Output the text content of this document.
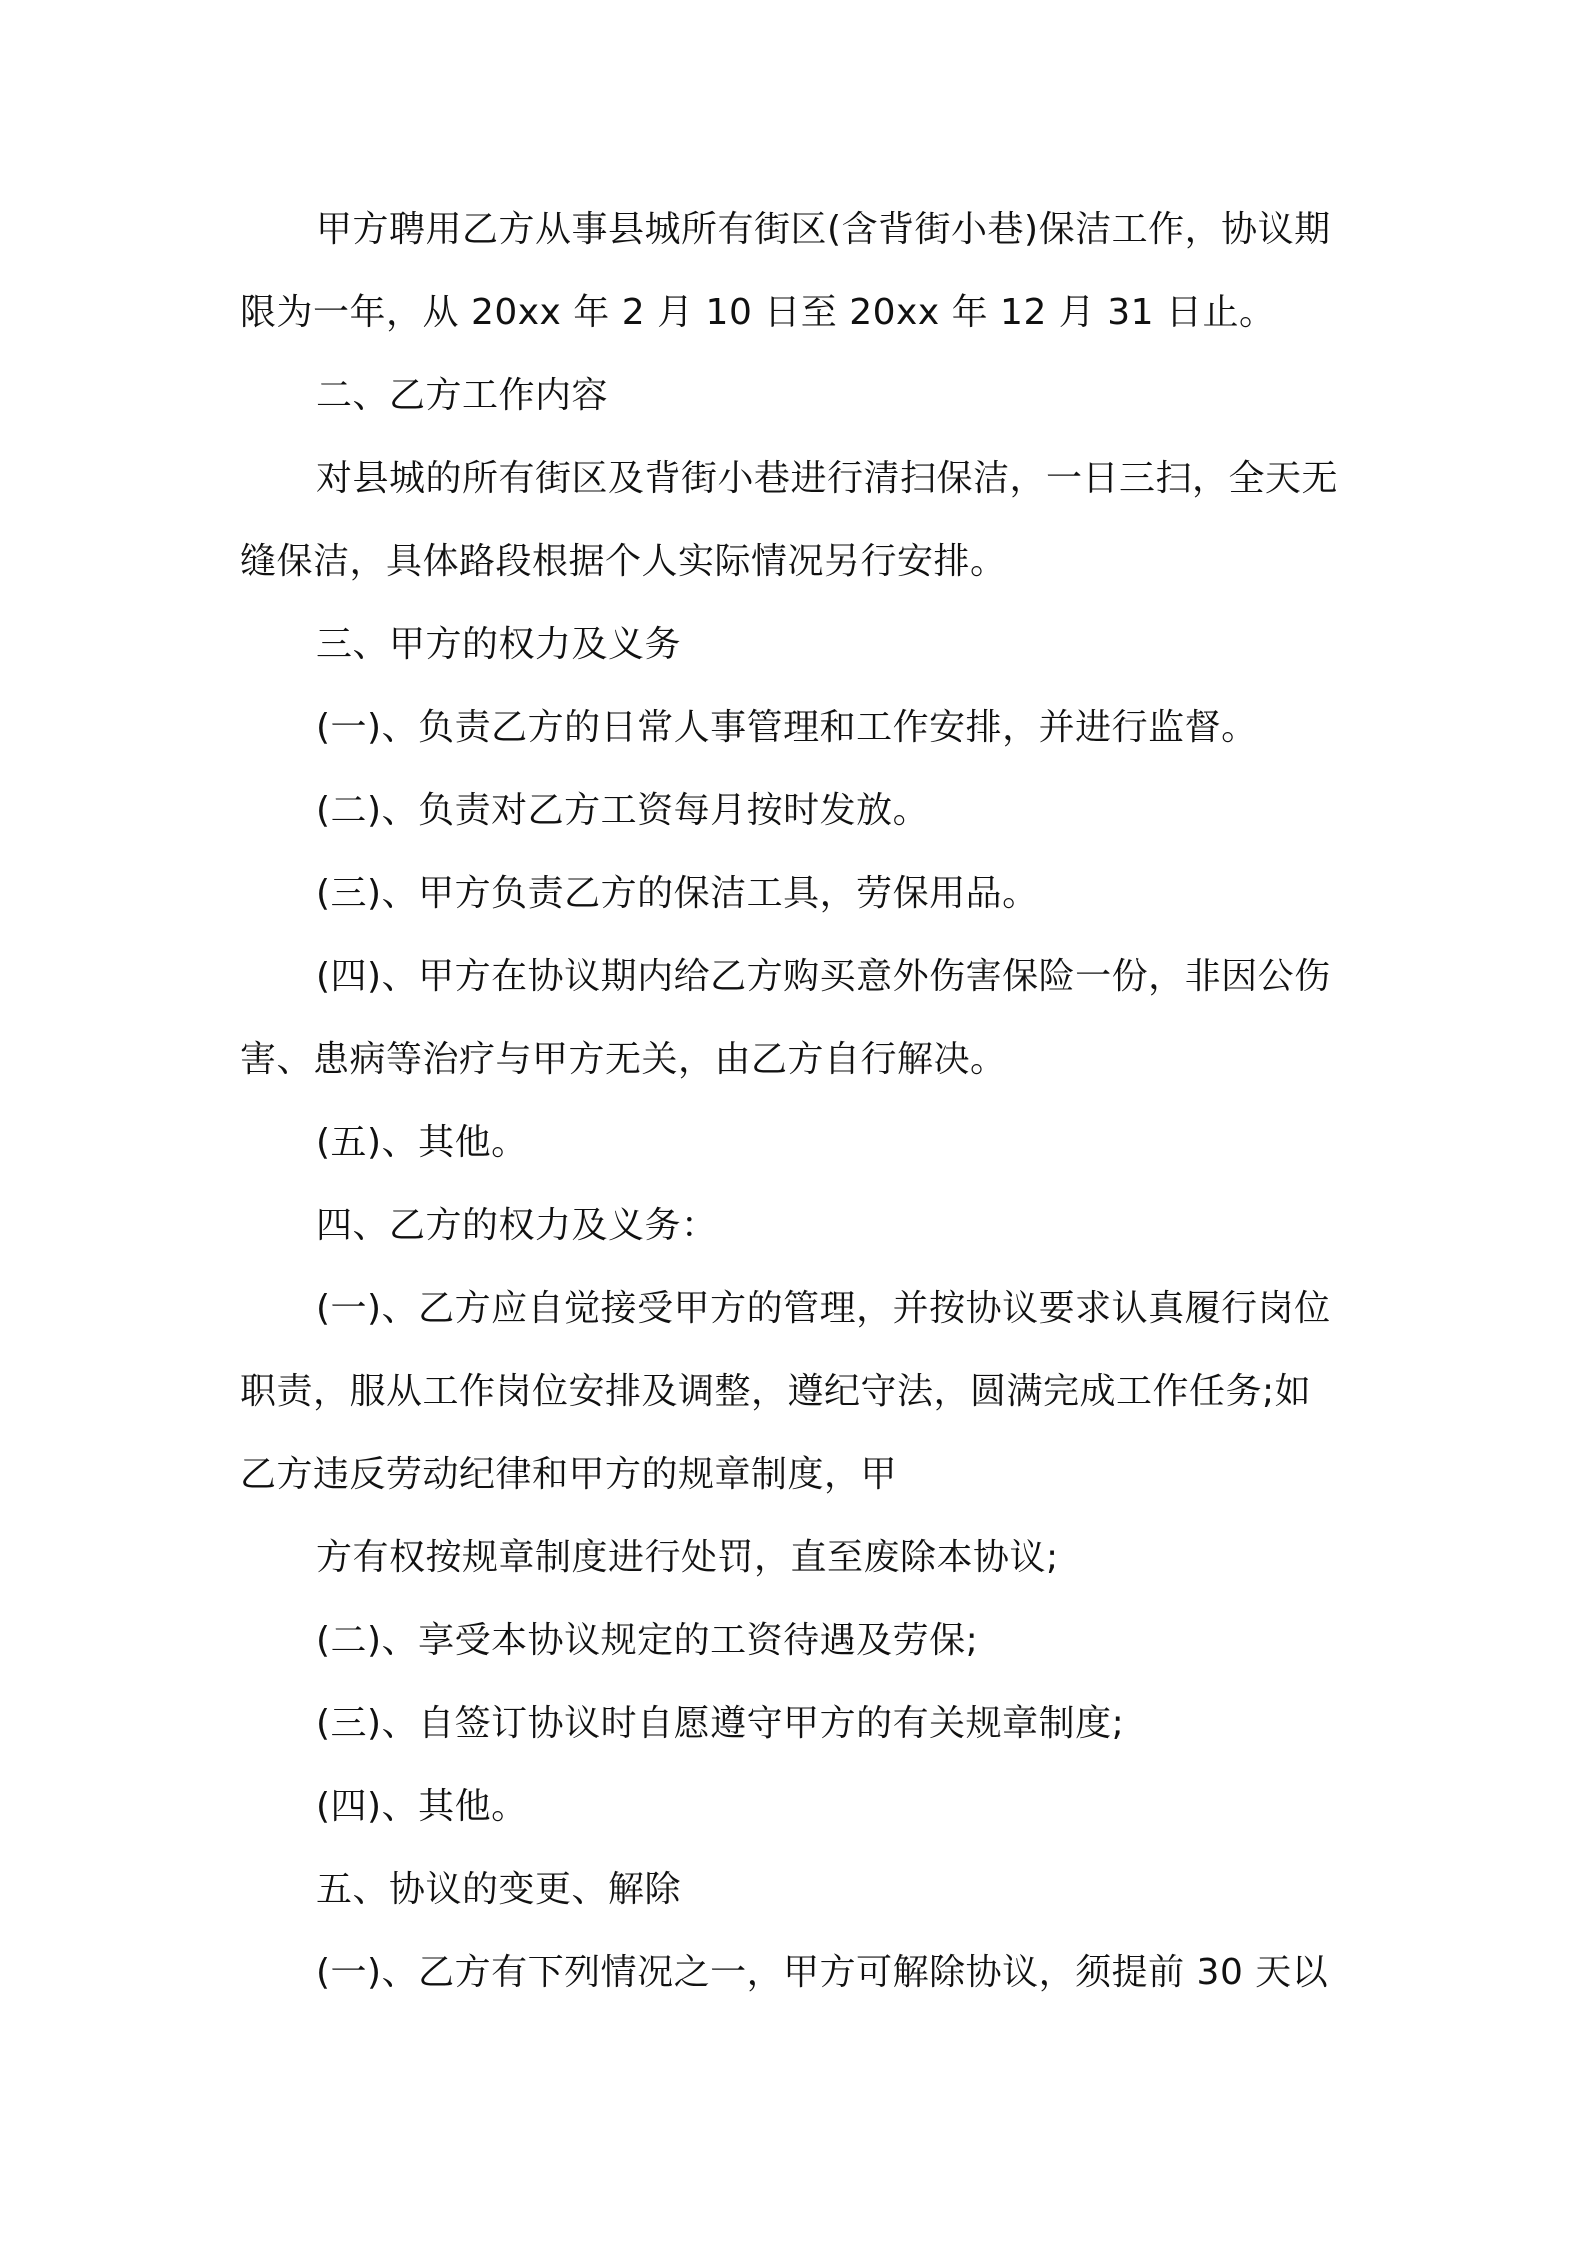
甲方聘用乙方从事县城所有街区(含背街小巷)保洁工作，协议期
限为一年，从 20xx 年 2 月 10 日至 20xx 年 12 月 31 日止。
二、乙方工作内容
对县城的所有街区及背街小巷进行清扫保洁，一日三扫，全天无
缝保洁，具体路段根据个人实际情况另行安排。
三、甲方的权力及义务
(一)、负责乙方的日常人事管理和工作安排，并进行监督。
(二)、负责对乙方工资每月按时发放。
(三)、甲方负责乙方的保洁工具，劳保用品。
(四)、甲方在协议期内给乙方购买意外伤害保险一份，非因公伤
害、患病等治疗与甲方无关，由乙方自行解决。
(五)、其他。
四、乙方的权力及义务：
(一)、乙方应自觉接受甲方的管理，并按协议要求认真履行岗位
职责，服从工作岗位安排及调整，遵纪守法，圆满完成工作任务;如
乙方违反劳动纪律和甲方的规章制度，甲
方有权按规章制度进行处罚，直至废除本协议;
(二)、享受本协议规定的工资待遇及劳保;
(三)、自签订协议时自愿遵守甲方的有关规章制度;
(四)、其他。
五、协议的变更、解除
(一)、乙方有下列情况之一，甲方可解除协议，须提前 30 天以
